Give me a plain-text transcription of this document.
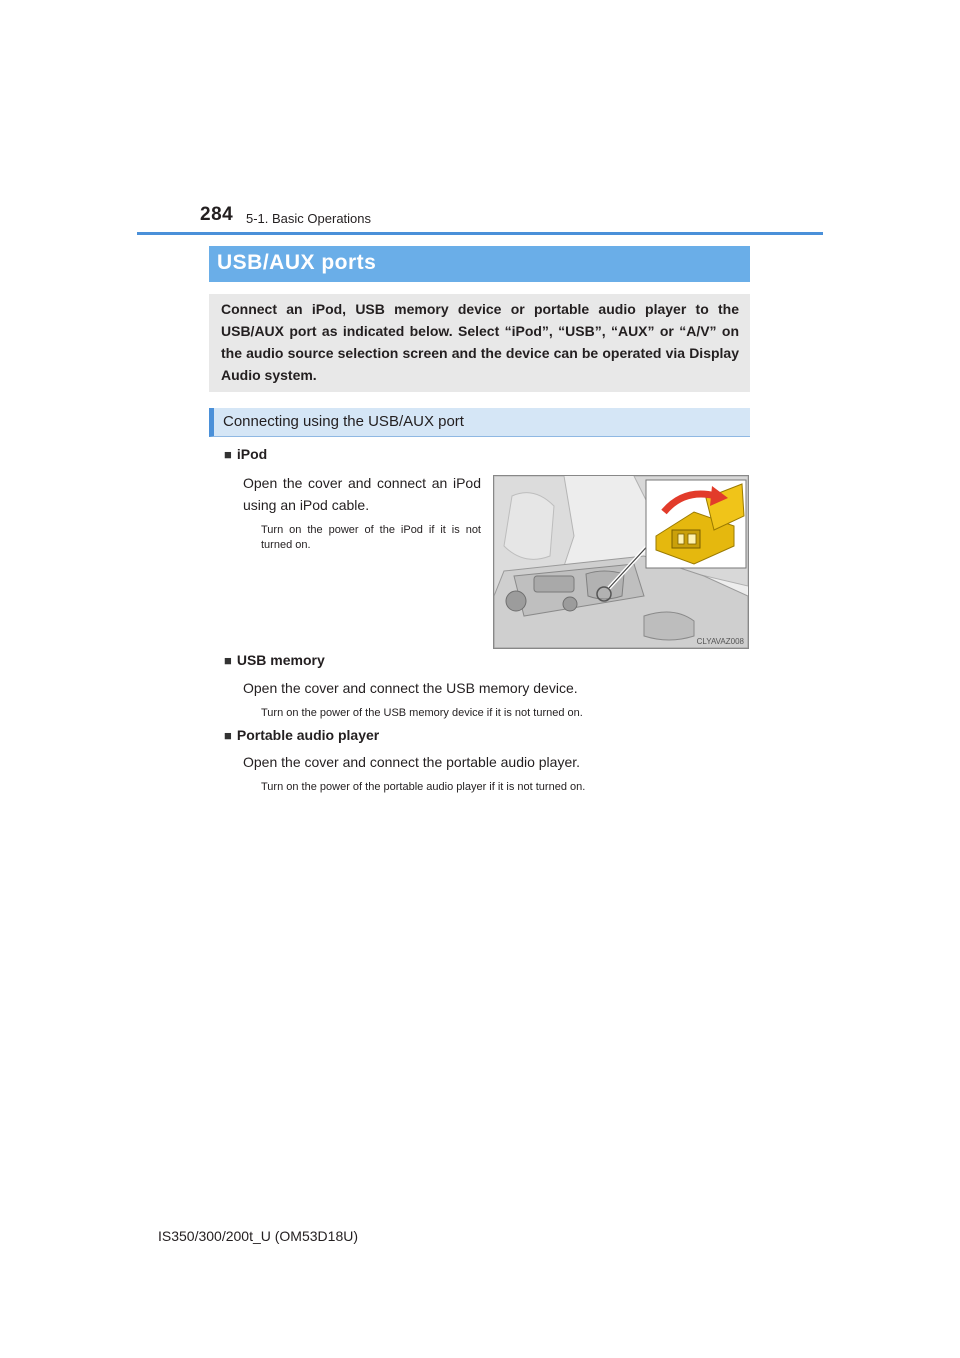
284 5-1. Basic Operations
USB/AUX ports
Connect an iPod, USB memory device or portable audio player to the USB/AUX port as indicated below. Select “iPod”, “USB”, “AUX” or “A/V” on the audio source selection screen and the device can be operated via Display Audio system.
Connecting using the USB/AUX port
■ iPod
Open the cover and connect an iPod using an iPod cable.
Turn on the power of the iPod if it is not turned on.
CLYAVAZ008
■ USB memory
Open the cover and connect the USB memory device.
Turn on the power of the USB memory device if it is not turned on.
■ Portable audio player
Open the cover and connect the portable audio player.
Turn on the power of the portable audio player if it is not turned on.
IS350/300/200t_U (OM53D18U)
